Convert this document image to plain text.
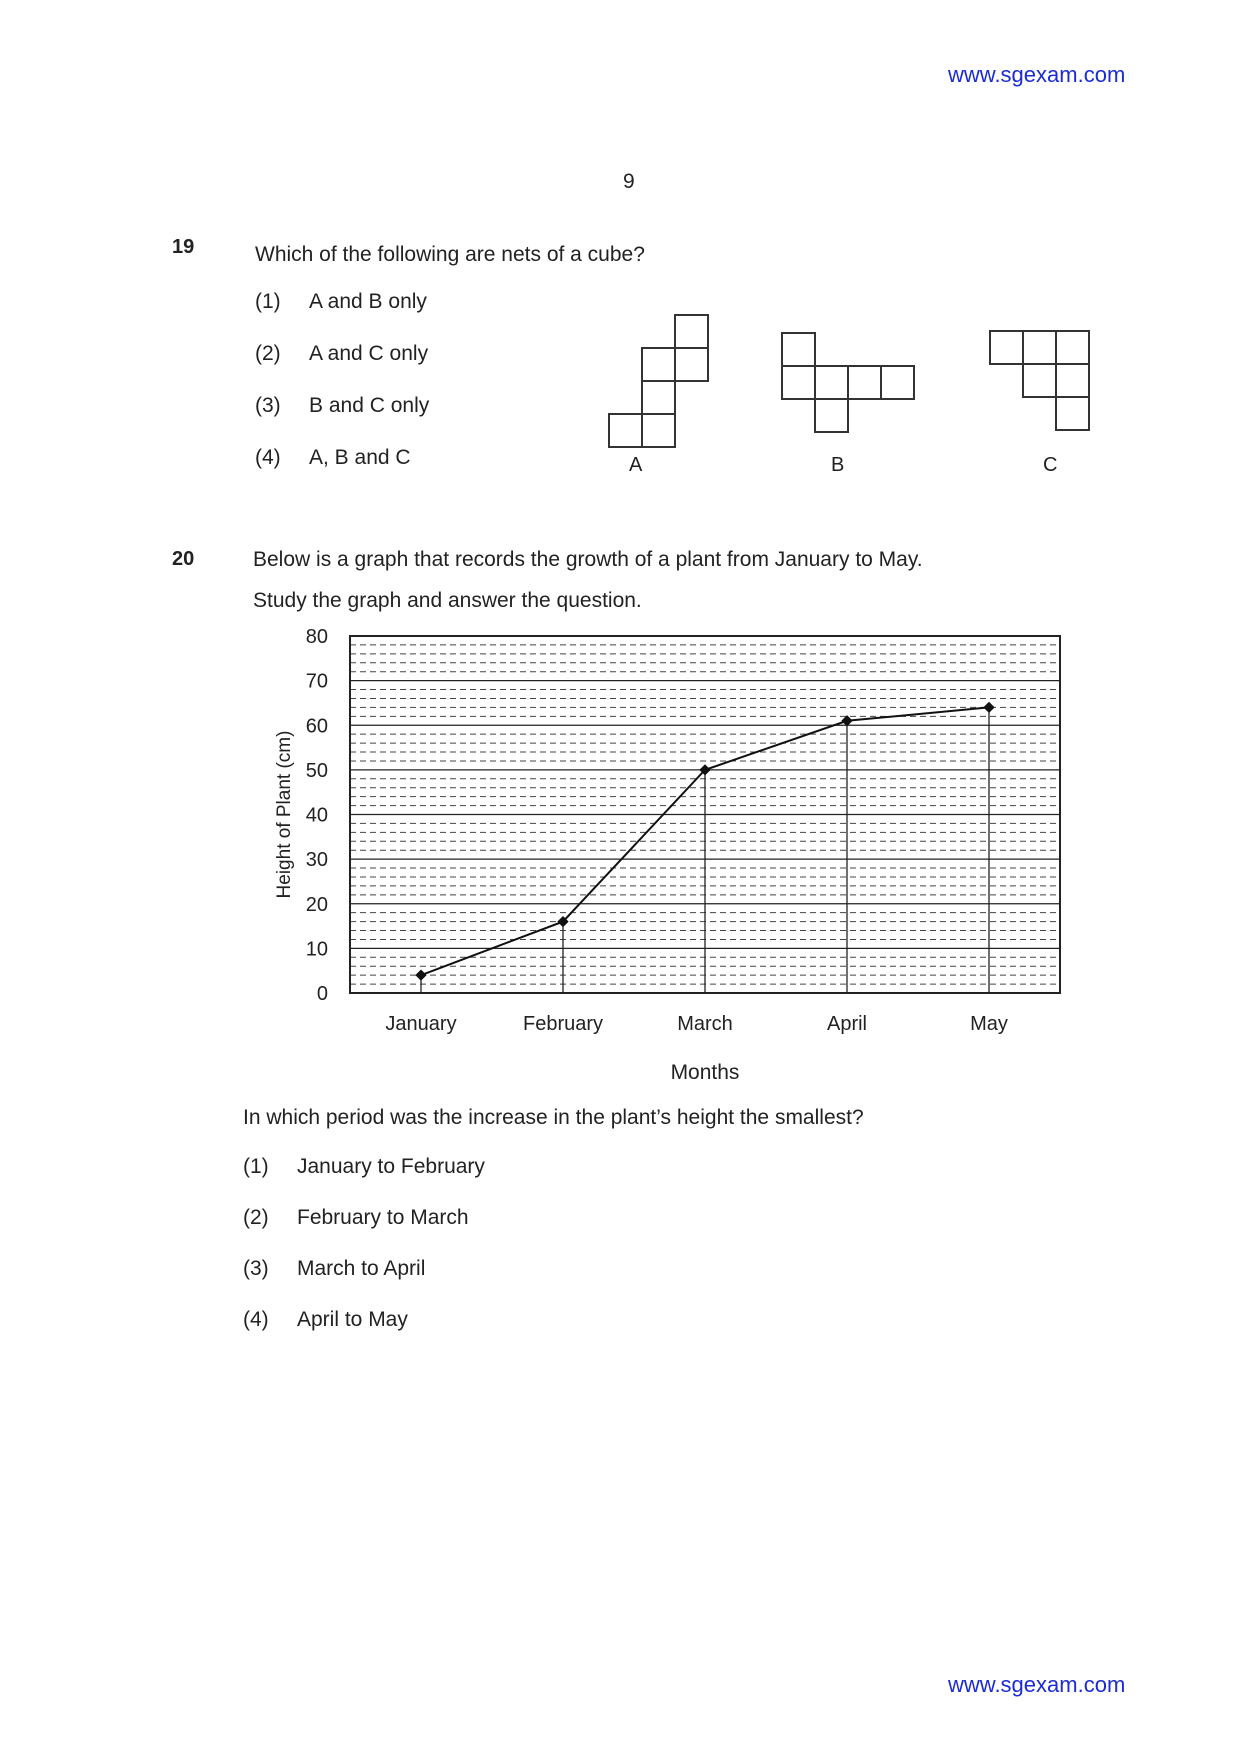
www.sgexam.com
9
19	Which of the following are nets of a cube?
(1) A and B only
(2) A and C only
(3) B and C only
(4) A, B and C	A	B	C
20	Below is a graph that records the growth of a plant from January to May.
Study the graph and answer the question.
0
10
20
30
40
50
60
70
80
January	February	March	April	May
Height of Plant (cm)
Months
In which period was the increase in the plant’s height the smallest?
(1) January to February
(2) February to March
(3) March to April
(4) April to May
www.sgexam.com
